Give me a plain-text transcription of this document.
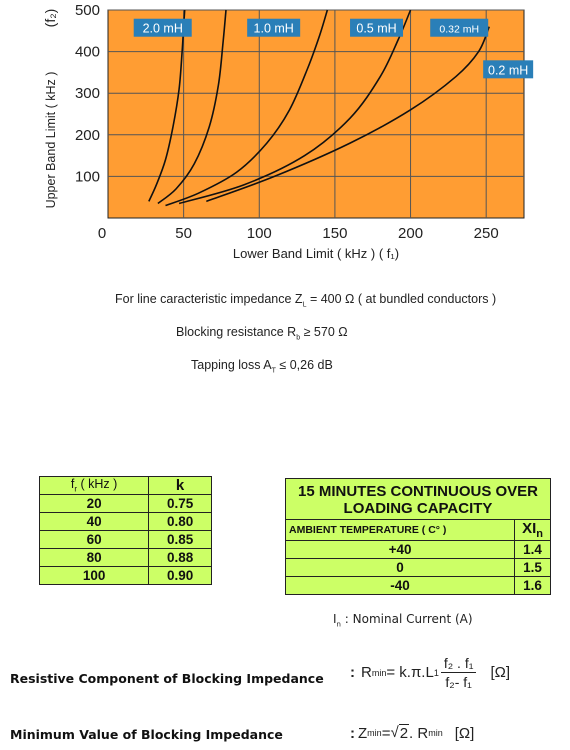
2.0 mH	1.0 mH	0.5 mH	0.32 mH
0.2 mH
0	50	100	150	200	250
100
200
300
400
500
Lower Band Limit ( kHz ) ( f₁)
Upper Band Limit ( kHz )
(f₂)
For line caracteristic impedance $Z_L = 400$ Ω ( at bundled conductors )
Blocking resistance $R_b \ge 570$ Ω
Tapping loss $A_T \le 0,26$ dB
$f_r$ ( kHz )	k
20	0.75
40	0.80
60	0.85
80	0.88
100	0.90
15 MINUTES CONTINUOUS OVER LOADING CAPACITY	
AMBIENT TEMPERATURE ( C° )	$XI_n$
+40	1.4
0	1.5
-40	1.6
$I_n$ : Nominal Current (A)
Resistive Component of Blocking Impedance : R min = k.π.L $1 \frac{\text{f₂ . f₁}}{\text{f₂- f₁}} [\Omega]$
Minimum Value of Blocking Impedance	: Z min = √ 2 . R min [Ω]
